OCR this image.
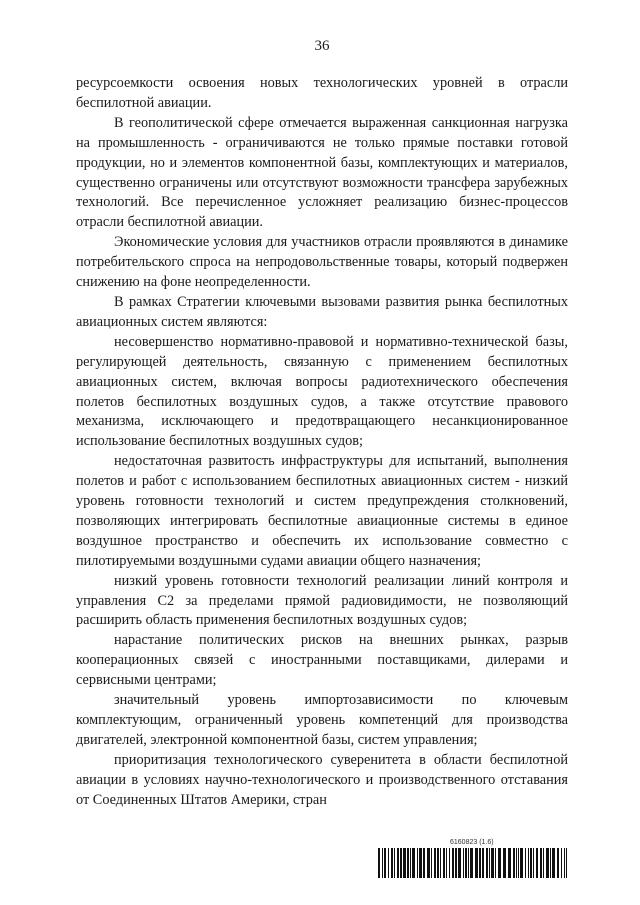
36

ресурсоемкости освоения новых технологических уровней в отрасли беспилотной авиации.

В геополитической сфере отмечается выраженная санкционная нагрузка на промышленность - ограничиваются не только прямые поставки готовой продукции, но и элементов компонентной базы, комплектующих и материалов, существенно ограничены или отсутствуют возможности трансфера зарубежных технологий. Все перечисленное усложняет реализацию бизнес-процессов отрасли беспилотной авиации.

Экономические условия для участников отрасли проявляются в динамике потребительского спроса на непродовольственные товары, который подвержен снижению на фоне неопределенности.

В рамках Стратегии ключевыми вызовами развития рынка беспилотных авиационных систем являются:

несовершенство нормативно-правовой и нормативно-технической базы, регулирующей деятельность, связанную с применением беспилотных авиационных систем, включая вопросы радиотехнического обеспечения полетов беспилотных воздушных судов, а также отсутствие правового механизма, исключающего и предотвращающего несанкционированное использование беспилотных воздушных судов;

недостаточная развитость инфраструктуры для испытаний, выполнения полетов и работ с использованием беспилотных авиационных систем - низкий уровень готовности технологий и систем предупреждения столкновений, позволяющих интегрировать беспилотные авиационные системы в единое воздушное пространство и обеспечить их использование совместно с пилотируемыми воздушными судами авиации общего назначения;

низкий уровень готовности технологий реализации линий контроля и управления С2 за пределами прямой радиовидимости, не позволяющий расширить область применения беспилотных воздушных судов;

нарастание политических рисков на внешних рынках, разрыв кооперационных связей с иностранными поставщиками, дилерами и сервисными центрами;

значительный уровень импортозависимости по ключевым комплектующим, ограниченный уровень компетенций для производства двигателей, электронной компонентной базы, систем управления;

приоритизация технологического суверенитета в области беспилотной авиации в условиях научно-технологического и производственного отставания от Соединенных Штатов Америки, стран

6160823 (1.6)
